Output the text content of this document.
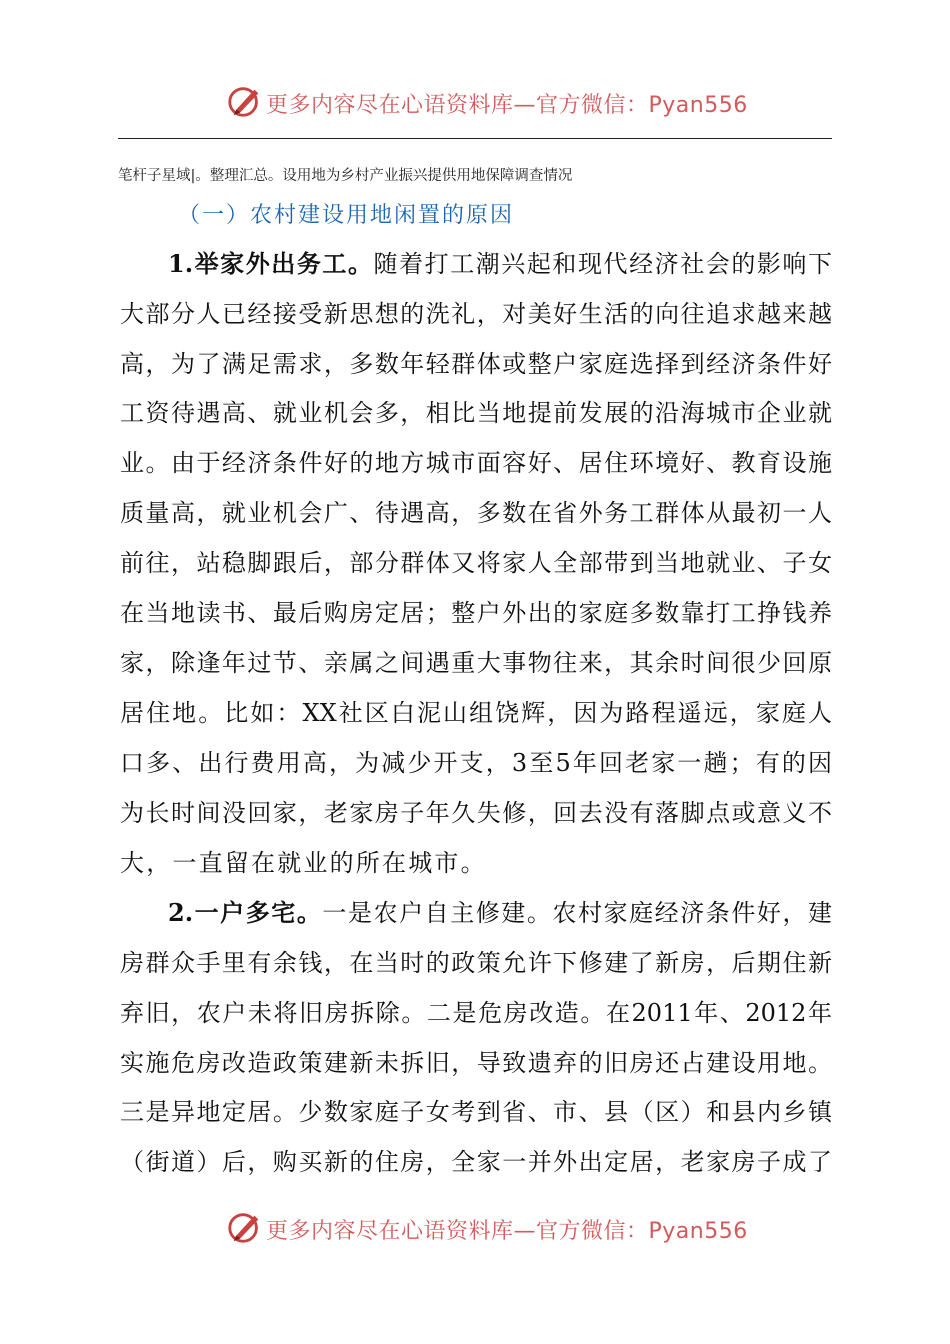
更多内容尽在心语资料库—官方微信：Pyan556
笔杆子星域|。整理汇总。设用地为乡村产业振兴提供用地保障调查情况
（一）农村建设用地闲置的原因
1.举家外出务工。随着打工潮兴起和现代经济社会的影响下
大部分人已经接受新思想的洗礼，对美好生活的向往追求越来越
高，为了满足需求，多数年轻群体或整户家庭选择到经济条件好
工资待遇高、就业机会多，相比当地提前发展的沿海城市企业就
业。由于经济条件好的地方城市面容好、居住环境好、教育设施
质量高，就业机会广、待遇高，多数在省外务工群体从最初一人
前往，站稳脚跟后，部分群体又将家人全部带到当地就业、子女
在当地读书、最后购房定居；整户外出的家庭多数靠打工挣钱养
家，除逢年过节、亲属之间遇重大事物往来，其余时间很少回原
居住地。比如：XX社区白泥山组饶辉，因为路程遥远，家庭人
口多、出行费用高，为减少开支，3至5年回老家一趟；有的因
为长时间没回家，老家房子年久失修，回去没有落脚点或意义不
大，一直留在就业的所在城市。
2.一户多宅。一是农户自主修建。农村家庭经济条件好，建
房群众手里有余钱，在当时的政策允许下修建了新房，后期住新
弃旧，农户未将旧房拆除。二是危房改造。在2011年、2012年
实施危房改造政策建新未拆旧，导致遗弃的旧房还占建设用地。
三是异地定居。少数家庭子女考到省、市、县（区）和县内乡镇
（街道）后，购买新的住房，全家一并外出定居，老家房子成了
更多内容尽在心语资料库—官方微信：Pyan556
